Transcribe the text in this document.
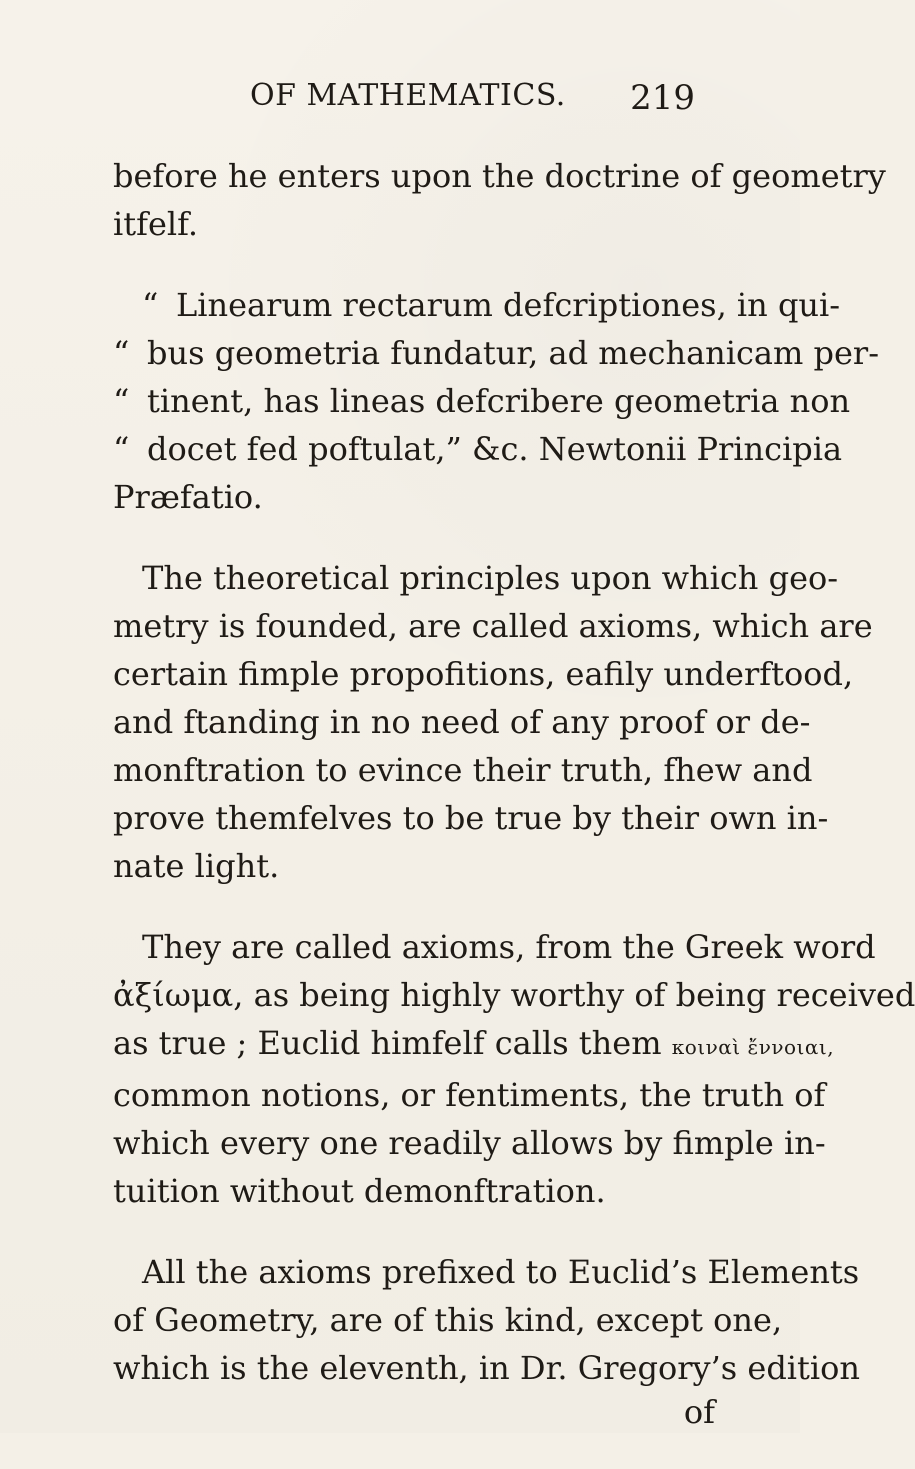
OF MATHEMATICS. 219
before he enters upon the doctrine of geometry
itfelf.
“ Linearum rectarum defcriptiones, in qui-
“ bus geometria fundatur, ad mechanicam per-
“ tinent, has lineas defcribere geometria non
“ docet fed poftulat,” &c. Newtonii Principia
Præfatio.
The theoretical principles upon which geo-
metry is founded, are called axioms, which are
certain fimple propofitions, eafily underftood,
and ftanding in no need of any proof or de-
monftration to evince their truth, fhew and
prove themfelves to be true by their own in-
nate light.
They are called axioms, from the Greek word
ἀξίωμα, as being highly worthy of being received
as true ; Euclid himfelf calls them κοιναὶ ἔννοιαι,
common notions, or fentiments, the truth of
which every one readily allows by fimple in-
tuition without demonftration.
All the axioms prefixed to Euclid’s Elements
of Geometry, are of this kind, except one,
which is the eleventh, in Dr. Gregory’s edition
of
